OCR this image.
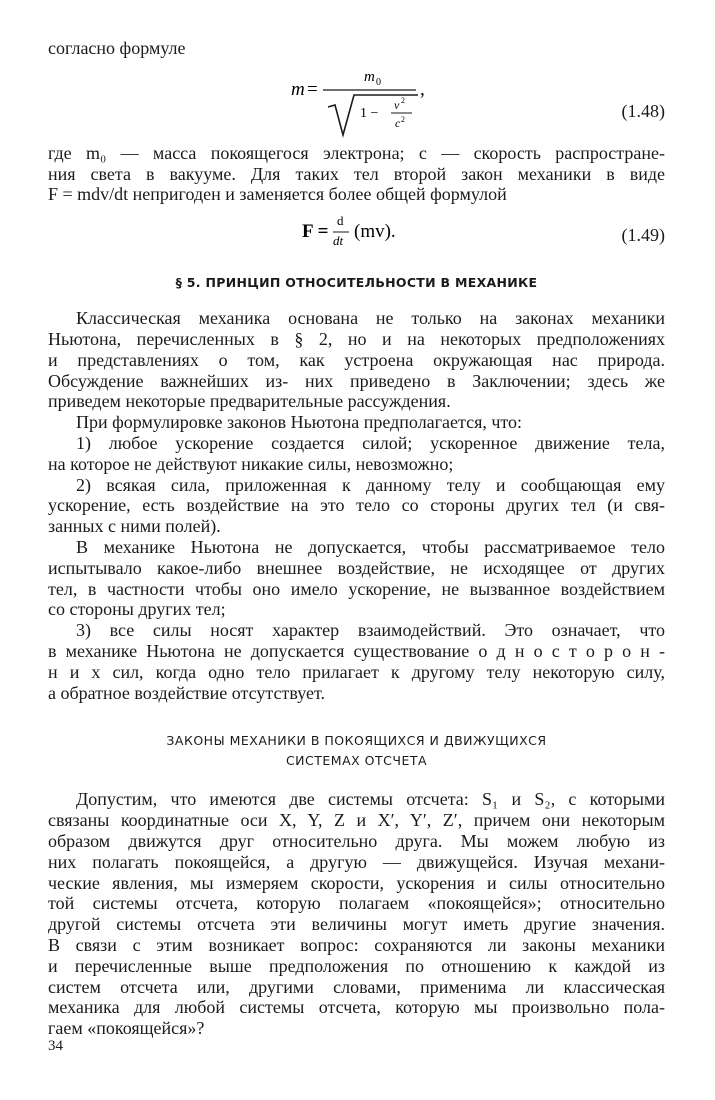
согласно формуле
m =
m 0
1 −
v 2
c 2
,
(1.48)
где m₀ — масса покоящегося электрона; c — скорость распростране-
ния света в вакууме. Для таких тел второй закон механики в виде
F = mdv/dt непригоден и заменяется более общей формулой
F =
d
dt (mv).	(1.49)
§ 5. ПРИНЦИП ОТНОСИТЕЛЬНОСТИ В МЕХАНИКЕ
Классическая механика основана не только на законах механики
Ньютона, перечисленных в § 2, но и на некоторых предположениях
и представлениях о том, как устроена окружающая нас природа.
Обсуждение важнейших из- них приведено в Заключении; здесь же
приведем некоторые предварительные рассуждения.
При формулировке законов Ньютона предполагается, что:
1) любое ускорение создается силой; ускоренное движение тела,
на которое не действуют никакие силы, невозможно;
2) всякая сила, приложенная к данному телу и сообщающая ему
ускорение, есть воздействие на это тело со стороны других тел (и свя-
занных с ними полей).
В механике Ньютона не допускается, чтобы рассматриваемое тело
испытывало какое-либо внешнее воздействие, не исходящее от других
тел, в частности чтобы оно имело ускорение, не вызванное воздействием
со стороны других тел;
3) все силы носят характер взаимодействий. Это означает, что
в механике Ньютона не допускается существование о д н о с т о р о н -
н и х сил, когда одно тело прилагает к другому телу некоторую силу,
а обратное воздействие отсутствует.
ЗАКОНЫ МЕХАНИКИ В ПОКОЯЩИХСЯ И ДВИЖУЩИХСЯ
СИСТЕМАХ ОТСЧЕТА
Допустим, что имеются две системы отсчета: S₁ и S₂, с которыми
связаны координатные оси X, Y, Z и X′, Y′, Z′, причем они некоторым
образом движутся друг относительно друга. Мы можем любую из
них полагать покоящейся, а другую — движущейся. Изучая механи-
ческие явления, мы измеряем скорости, ускорения и силы относительно
той системы отсчета, которую полагаем «покоящейся»; относительно
другой системы отсчета эти величины могут иметь другие значения.
В связи с этим возникает вопрос: сохраняются ли законы механики
и перечисленные выше предположения по отношению к каждой из
систем отсчета или, другими словами, применима ли классическая
механика для любой системы отсчета, которую мы произвольно пола-
гаем «покоящейся»?
34
